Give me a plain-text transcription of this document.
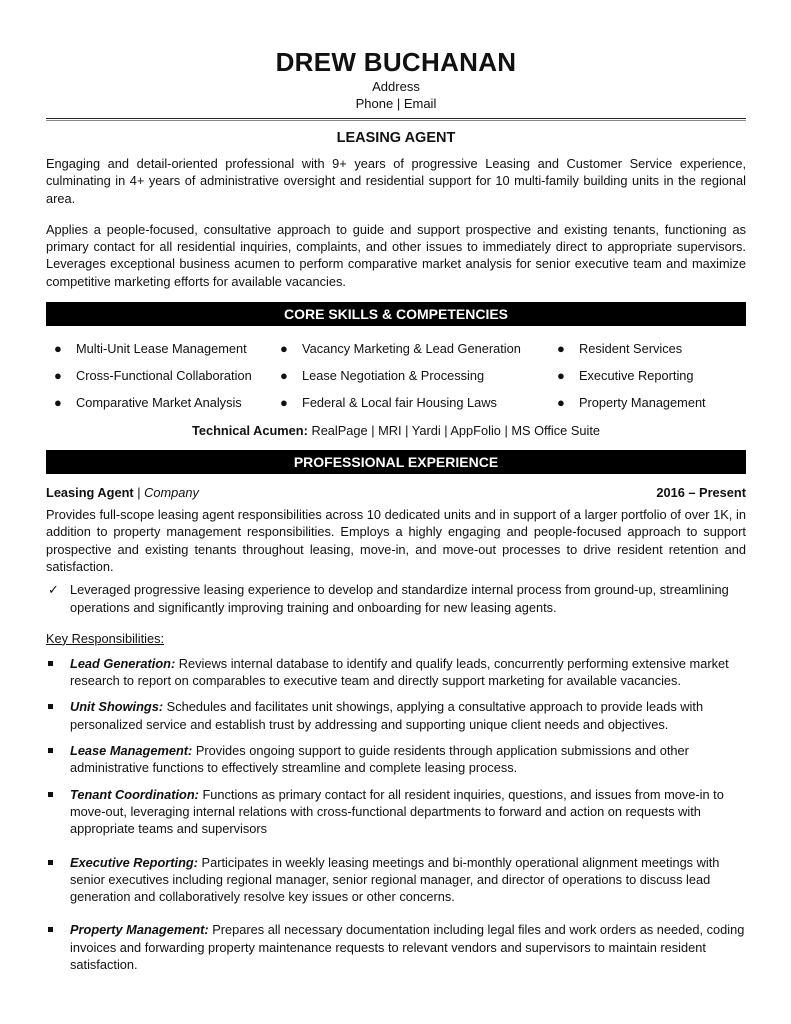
DREW BUCHANAN
Address
Phone | Email
LEASING AGENT

Engaging and detail-oriented professional with 9+ years of progressive Leasing and Customer Service experience, culminating in 4+ years of administrative oversight and residential support for 10 multi-family building units in the regional area.

Applies a people-focused, consultative approach to guide and support prospective and existing tenants, functioning as primary contact for all residential inquiries, complaints, and other issues to immediately direct to appropriate supervisors. Leverages exceptional business acumen to perform comparative market analysis for senior executive team and maximize competitive marketing efforts for available vacancies.

CORE SKILLS & COMPETENCIES
● Multi-Unit Lease Management	● Vacancy Marketing & Lead Generation	● Resident Services
● Cross-Functional Collaboration	● Lease Negotiation & Processing	● Executive Reporting
● Comparative Market Analysis	● Federal & Local fair Housing Laws	● Property Management
Technical Acumen: RealPage | MRI | Yardi | AppFolio | MS Office Suite
PROFESSIONAL EXPERIENCE
Leasing Agent | Company	2016 – Present

Provides full-scope leasing agent responsibilities across 10 dedicated units and in support of a larger portfolio of over 1K, in addition to property management responsibilities. Employs a highly engaging and people-focused approach to support prospective and existing tenants throughout leasing, move-in, and move-out processes to drive resident retention and satisfaction.

✓ Leveraged progressive leasing experience to develop and standardize internal process from ground-up, streamlining operations and significantly improving training and onboarding for new leasing agents.
Key Responsibilities:
Lead Generation: Reviews internal database to identify and qualify leads, concurrently performing extensive market research to report on comparables to executive team and directly support marketing for available vacancies.
Unit Showings: Schedules and facilitates unit showings, applying a consultative approach to provide leads with personalized service and establish trust by addressing and supporting unique client needs and objectives.
Lease Management: Provides ongoing support to guide residents through application submissions and other administrative functions to effectively streamline and complete leasing process.
Tenant Coordination: Functions as primary contact for all resident inquiries, questions, and issues from move-in to move-out, leveraging internal relations with cross-functional departments to forward and action on requests with appropriate teams and supervisors
Executive Reporting: Participates in weekly leasing meetings and bi-monthly operational alignment meetings with senior executives including regional manager, senior regional manager, and director of operations to discuss lead generation and collaboratively resolve key issues or other concerns.
Property Management: Prepares all necessary documentation including legal files and work orders as needed, coding invoices and forwarding property maintenance requests to relevant vendors and supervisors to maintain resident satisfaction.
